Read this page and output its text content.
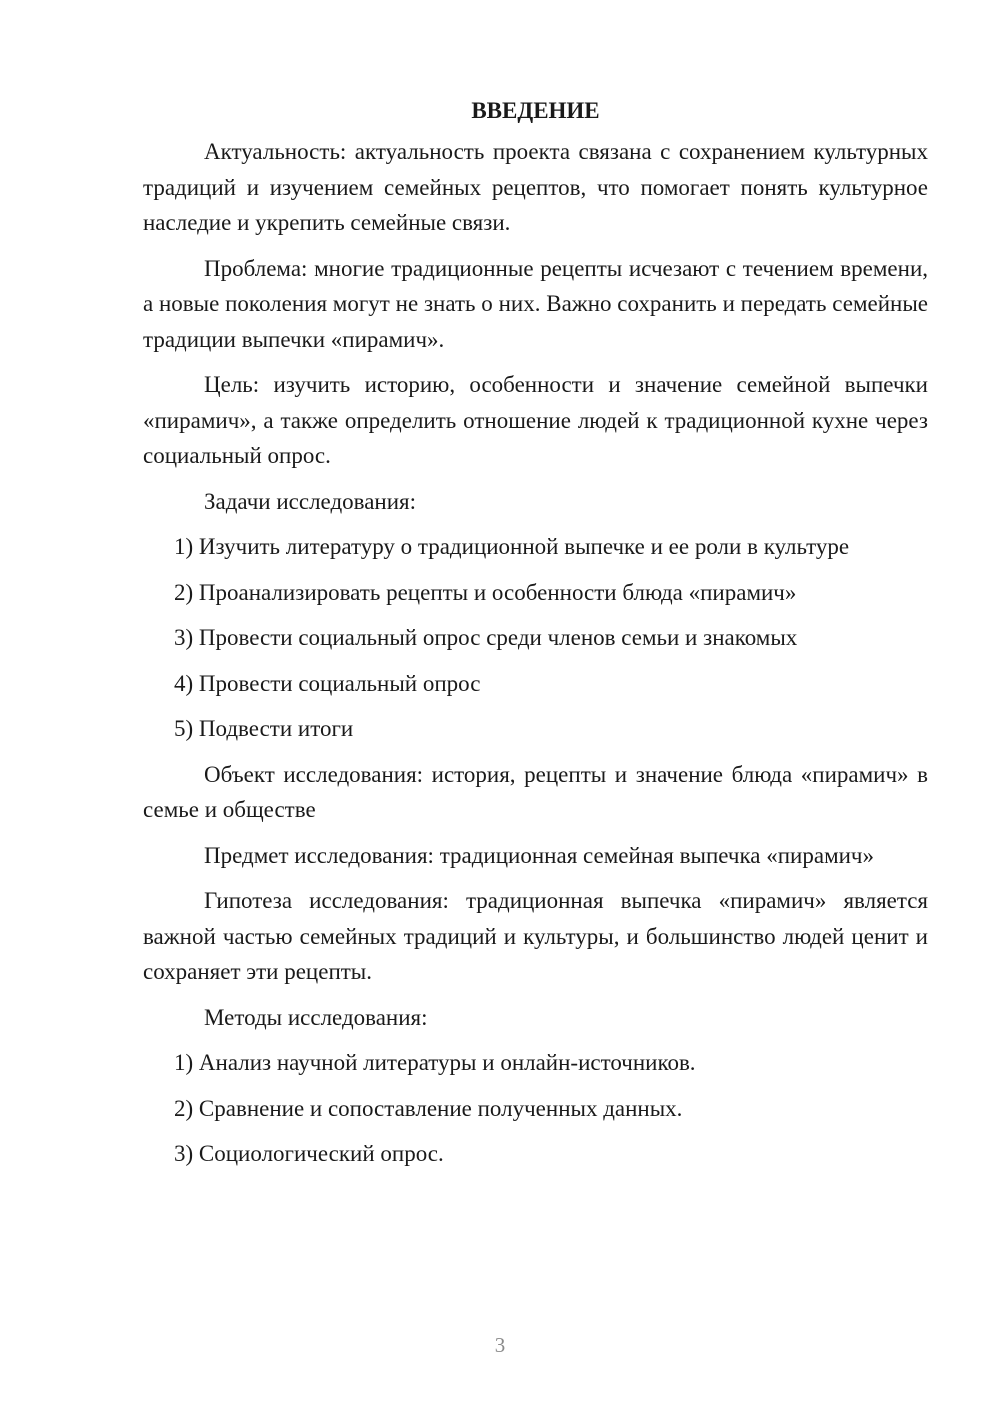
ВВЕДЕНИЕ
Актуальность: актуальность проекта связана с сохранением культурных традиций и изучением семейных рецептов, что помогает понять культурное наследие и укрепить семейные связи.
Проблема: многие традиционные рецепты исчезают с течением времени, а новые поколения могут не знать о них. Важно сохранить и передать семейные традиции выпечки «пирамич».
Цель: изучить историю, особенности и значение семейной выпечки «пирамич», а также определить отношение людей к традиционной кухне через социальный опрос.
Задачи исследования:
1) Изучить литературу о традиционной выпечке и ее роли в культуре
2) Проанализировать рецепты и особенности блюда «пирамич»
3) Провести социальный опрос среди членов семьи и знакомых
4) Провести социальный опрос
5) Подвести итоги
Объект исследования: история, рецепты и значение блюда «пирамич» в семье и обществе
Предмет исследования: традиционная семейная выпечка «пирамич»
Гипотеза исследования: традиционная выпечка «пирамич» является важной частью семейных традиций и культуры, и большинство людей ценит и сохраняет эти рецепты.
Методы исследования:
1) Анализ научной литературы и онлайн-источников.
2) Сравнение и сопоставление полученных данных.
3) Социологический опрос.
3
